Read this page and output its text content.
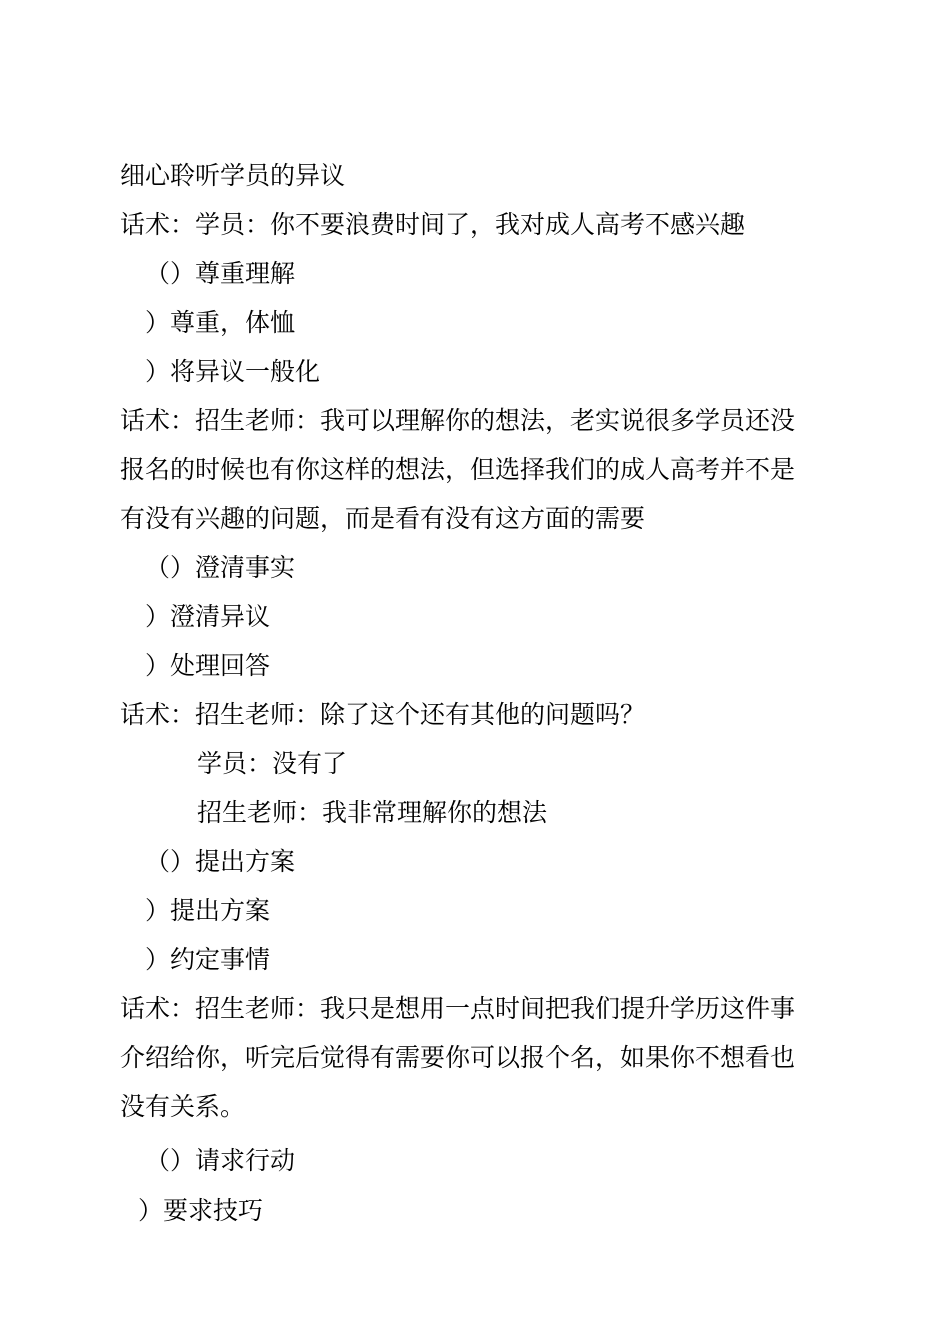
细心聆听学员的异议
话术：学员：你不要浪费时间了，我对成人高考不感兴趣
（）尊重理解
）尊重，体恤
）将异议一般化
话术：招生老师：我可以理解你的想法，老实说很多学员还没
报名的时候也有你这样的想法，但选择我们的成人高考并不是
有没有兴趣的问题，而是看有没有这方面的需要
（）澄清事实
）澄清异议
）处理回答
话术：招生老师：除了这个还有其他的问题吗？
学员：没有了
招生老师：我非常理解你的想法
（）提出方案
）提出方案
）约定事情
话术：招生老师：我只是想用一点时间把我们提升学历这件事
介绍给你，听完后觉得有需要你可以报个名，如果你不想看也
没有关系。
（）请求行动
）要求技巧
